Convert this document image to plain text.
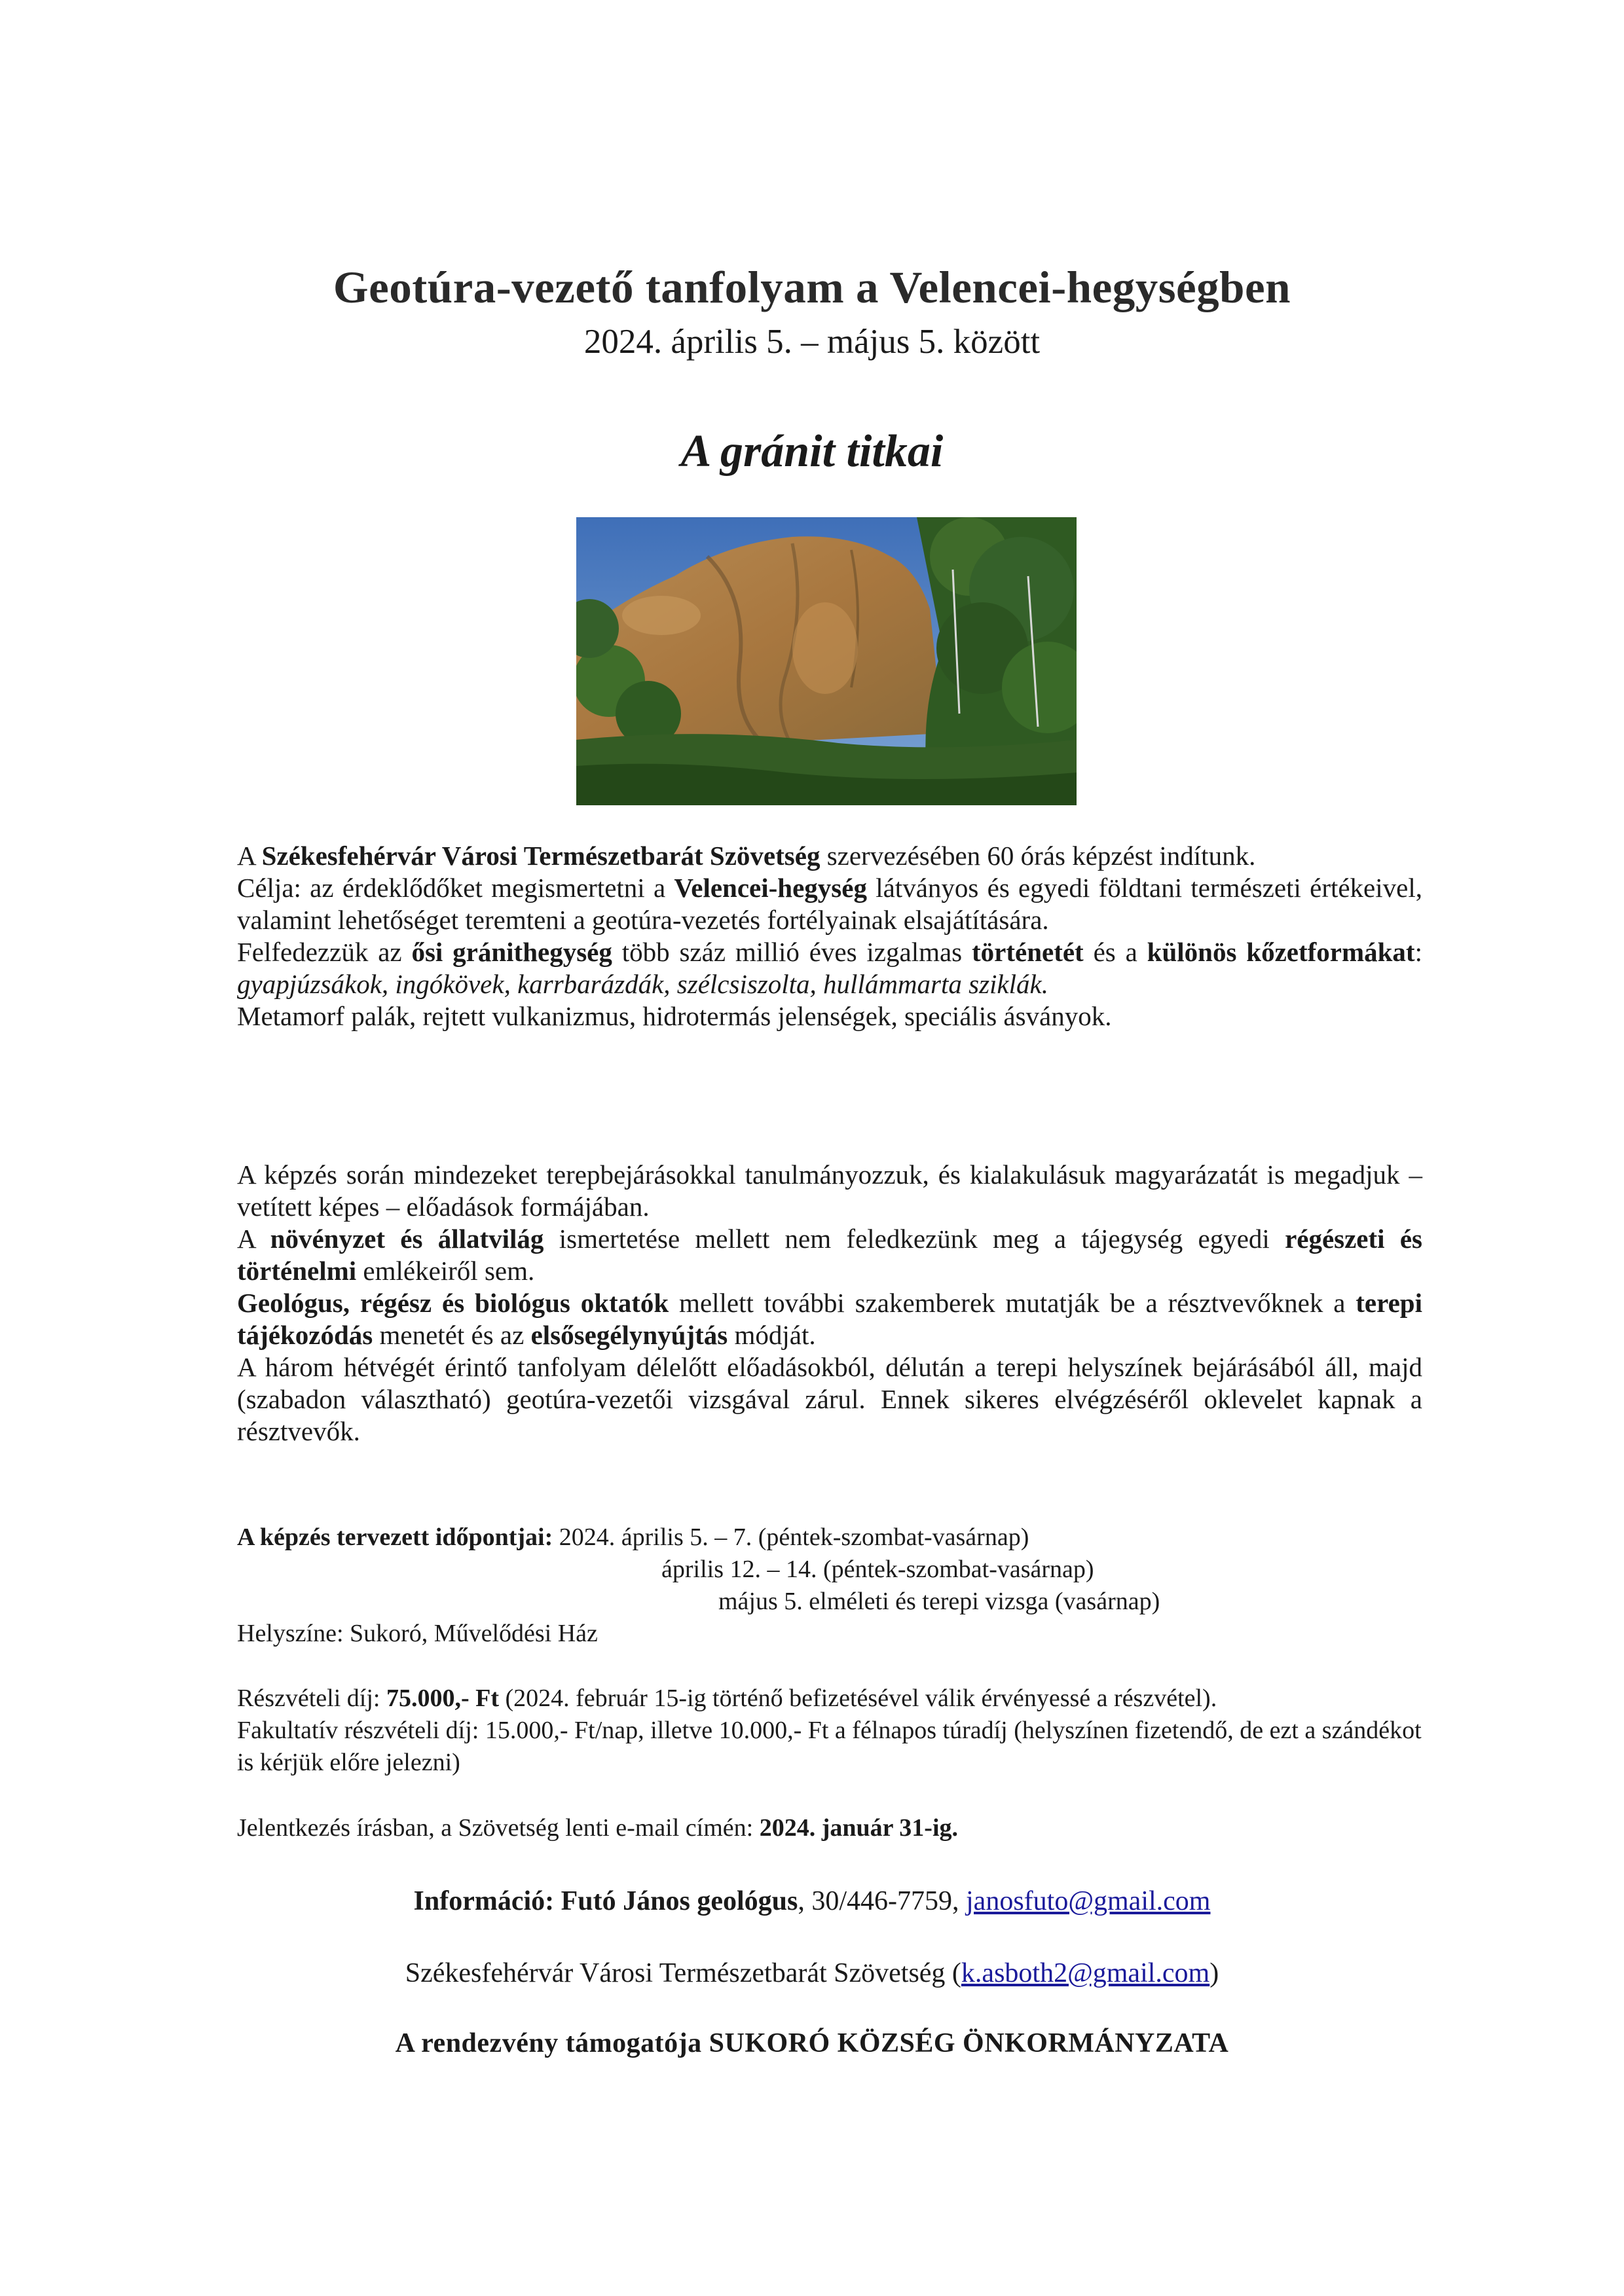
Geotúra-vezető tanfolyam a Velencei-hegységben
2024. április 5. – május 5. között
A gránit titkai
A Székesfehérvár Városi Természetbarát Szövetség szervezésében 60 órás képzést indítunk.
Célja: az érdeklődőket megismertetni a Velencei-hegység látványos és egyedi földtani természeti értékeivel, valamint lehetőséget teremteni a geotúra-vezetés fortélyainak elsajátítására.
Felfedezzük az ősi gránithegység több száz millió éves izgalmas történetét és a különös kőzetformákat: gyapjúzsákok, ingókövek, karrbarázdák, szélcsiszolta, hullámmarta sziklák.
Metamorf palák, rejtett vulkanizmus, hidrotermás jelenségek, speciális ásványok.
A képzés során mindezeket terepbejárásokkal tanulmányozzuk, és kialakulásuk magyarázatát is megadjuk – vetített képes – előadások formájában.
A növényzet és állatvilág ismertetése mellett nem feledkezünk meg a tájegység egyedi régészeti és történelmi emlékeiről sem.
Geológus, régész és biológus oktatók mellett további szakemberek mutatják be a résztvevőknek a terepi tájékozódás menetét és az elsősegélynyújtás módját.
A három hétvégét érintő tanfolyam délelőtt előadásokból, délután a terepi helyszínek bejárásából áll, majd (szabadon választható) geotúra-vezetői vizsgával zárul. Ennek sikeres elvégzéséről oklevelet kapnak a résztvevők.
A képzés tervezett időpontjai: 2024. április 5. – 7. (péntek-szombat-vasárnap)
április 12. – 14. (péntek-szombat-vasárnap)
május 5. elméleti és terepi vizsga (vasárnap)
Helyszíne: Sukoró, Művelődési Ház
Részvételi díj: 75.000,- Ft (2024. február 15-ig történő befizetésével válik érvényessé a részvétel).
Fakultatív részvételi díj: 15.000,- Ft/nap, illetve 10.000,- Ft a félnapos túradíj (helyszínen fizetendő, de ezt a szándékot is kérjük előre jelezni)
Jelentkezés írásban, a Szövetség lenti e-mail címén: 2024. január 31-ig.
Információ: Futó János geológus, 30/446-7759, janosfuto@gmail.com
Székesfehérvár Városi Természetbarát Szövetség (k.asboth2@gmail.com)
A rendezvény támogatója SUKORÓ KÖZSÉG ÖNKORMÁNYZATA
